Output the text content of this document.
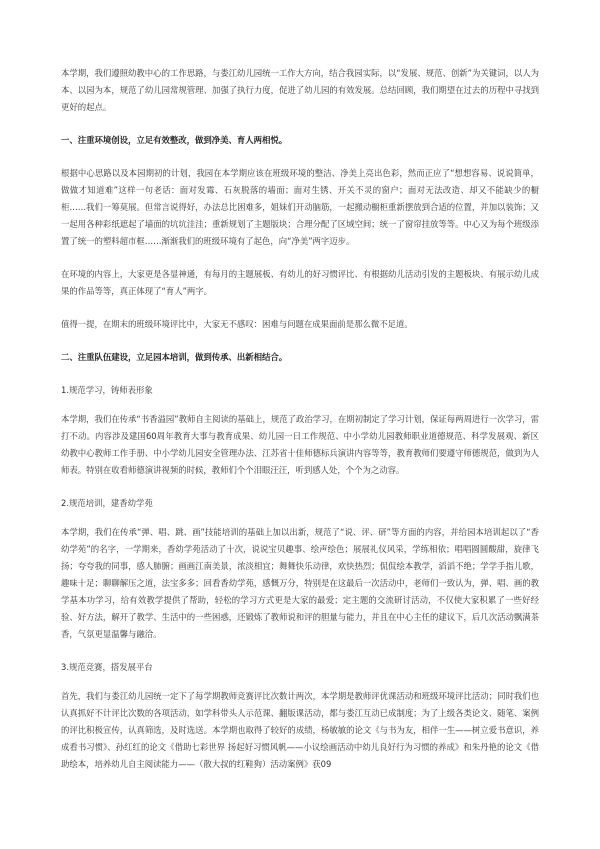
本学期，我们遵照幼教中心的工作思路，与娄江幼儿园统一工作大方向，结合我园实际，以“发展、规范、创新”为关键词，以人为本、以园为本，规范了幼儿园常规管理、加强了执行力度，促进了幼儿园的有效发展。总结回顾，我们期望在过去的历程中寻找到更好的起点。

一、注重环境创设，立足有效整改，做到净美、育人两相悦。

根据中心思路以及本园期初的计划，我园在本学期应该在班级环境的整洁、净美上亮出色彩，然而正应了“想想容易、说说简单，做做才知道难”这样一句老话：面对发霉、石灰脱落的墙面；面对生锈、开关不灵的窗户；面对无法改造、却又不能缺少的橱柜……我们一筹莫展。但常言说得好，办法总比困难多，姐妹们开动脑筋，一起搬动橱柜重新摆放到合适的位置，并加以装饰；又一起用各种彩纸遮起了墙面的坑坑洼洼；重新规划了主题版块；合理分配了区域空间；统一了窗帘挂放等等。中心又为每个班级添置了统一的塑料超市框……渐渐我们的班级环境有了起色，向“净美”两字迈步。

在环境的内容上，大家更是各显神通，有每月的主题展板、有幼儿的好习惯评比、有根据幼儿活动引发的主题板块、有展示幼儿成果的作品等等，真正体现了“育人”两字。

值得一提，在期末的班级环境评比中，大家无不感叹：困难与问题在成果面前是那么微不足道。

二、注重队伍建设，立足园本培训，做到传承、出新相结合。

1.规范学习，铸师表形象

本学期，我们在传承“书香溢园”教师自主阅读的基础上，规范了政治学习，在期初制定了学习计划，保证每两周进行一次学习，雷打不动。内容涉及建国60周年教育大事与教育成果、幼儿园一日工作规范、中小学幼儿园教师职业道德规范、科学发展观、新区幼教中心教师工作手册、中小学幼儿园安全管理办法、江苏省十佳师德标兵演讲内容等等，教育教师们要遵守师德规范，做到为人师表。特别在收看师德演讲视频的时候，教师们个个泪眼汪汪，听到感人处，个个为之动容。

2.规范培训，建香幼学苑

本学期，我们在传承“弹、唱、跳、画”技能培训的基础上加以出新，规范了“说、评、研”等方面的内容，并给园本培训起以了“香幼学苑”的名字，一学期来，香幼学苑活动了十次，说说宝贝趣事、绘声绘色；展展礼仪风采，学练相依；唱唱圆圆酸甜，旋律飞扬；夸夸我的同事，感人肺腑；画画江南美景，浓淡相宜；舞舞快乐动律，欢快热烈；侃侃绘本教学，滔滔不绝；学学手指儿歌，趣味十足；聊聊解压之道，法宝多多；回看香幼学苑，感慨万分，特别是在这最后一次活动中，老师们一致认为，弹、唱、画的教学基本功学习，给有效教学提供了帮助，轻松的学习方式更是大家的最爱；定主题的交流研讨活动，不仅使大家积累了一些好经验、好方法，解开了教学、生活中的一些困惑，还锻炼了教师说和评的胆量与能力，并且在中心主任的建议下，后几次活动飘满茶香，气氛更显温馨与融洽。

3.规范竞赛，搭发展平台

首先，我们与娄江幼儿园统一定下了每学期教师竞赛评比次数计两次，本学期是教师评优课活动和班级环境评比活动；同时我们也认真抓好不计评比次数的各项活动，如学科带头人示范课、翻版课活动，都与娄江互动已成制度；为了上级各类论文、随笔、案例的评比积极宣传，认真筛选，及时选送。本学期也取得了较好的成绩，杨敏敏的论文《与书为友，相伴一生——树立爱书意识，养成看书习惯》、孙红红的论文《借助七彩世界 扬起好习惯风帆——小议绘画活动中幼儿良好行为习惯的养成》和朱丹艳的论文《借助绘本，培养幼儿自主阅读能力——（散大叔的红鞋狗）活动案例》获09
